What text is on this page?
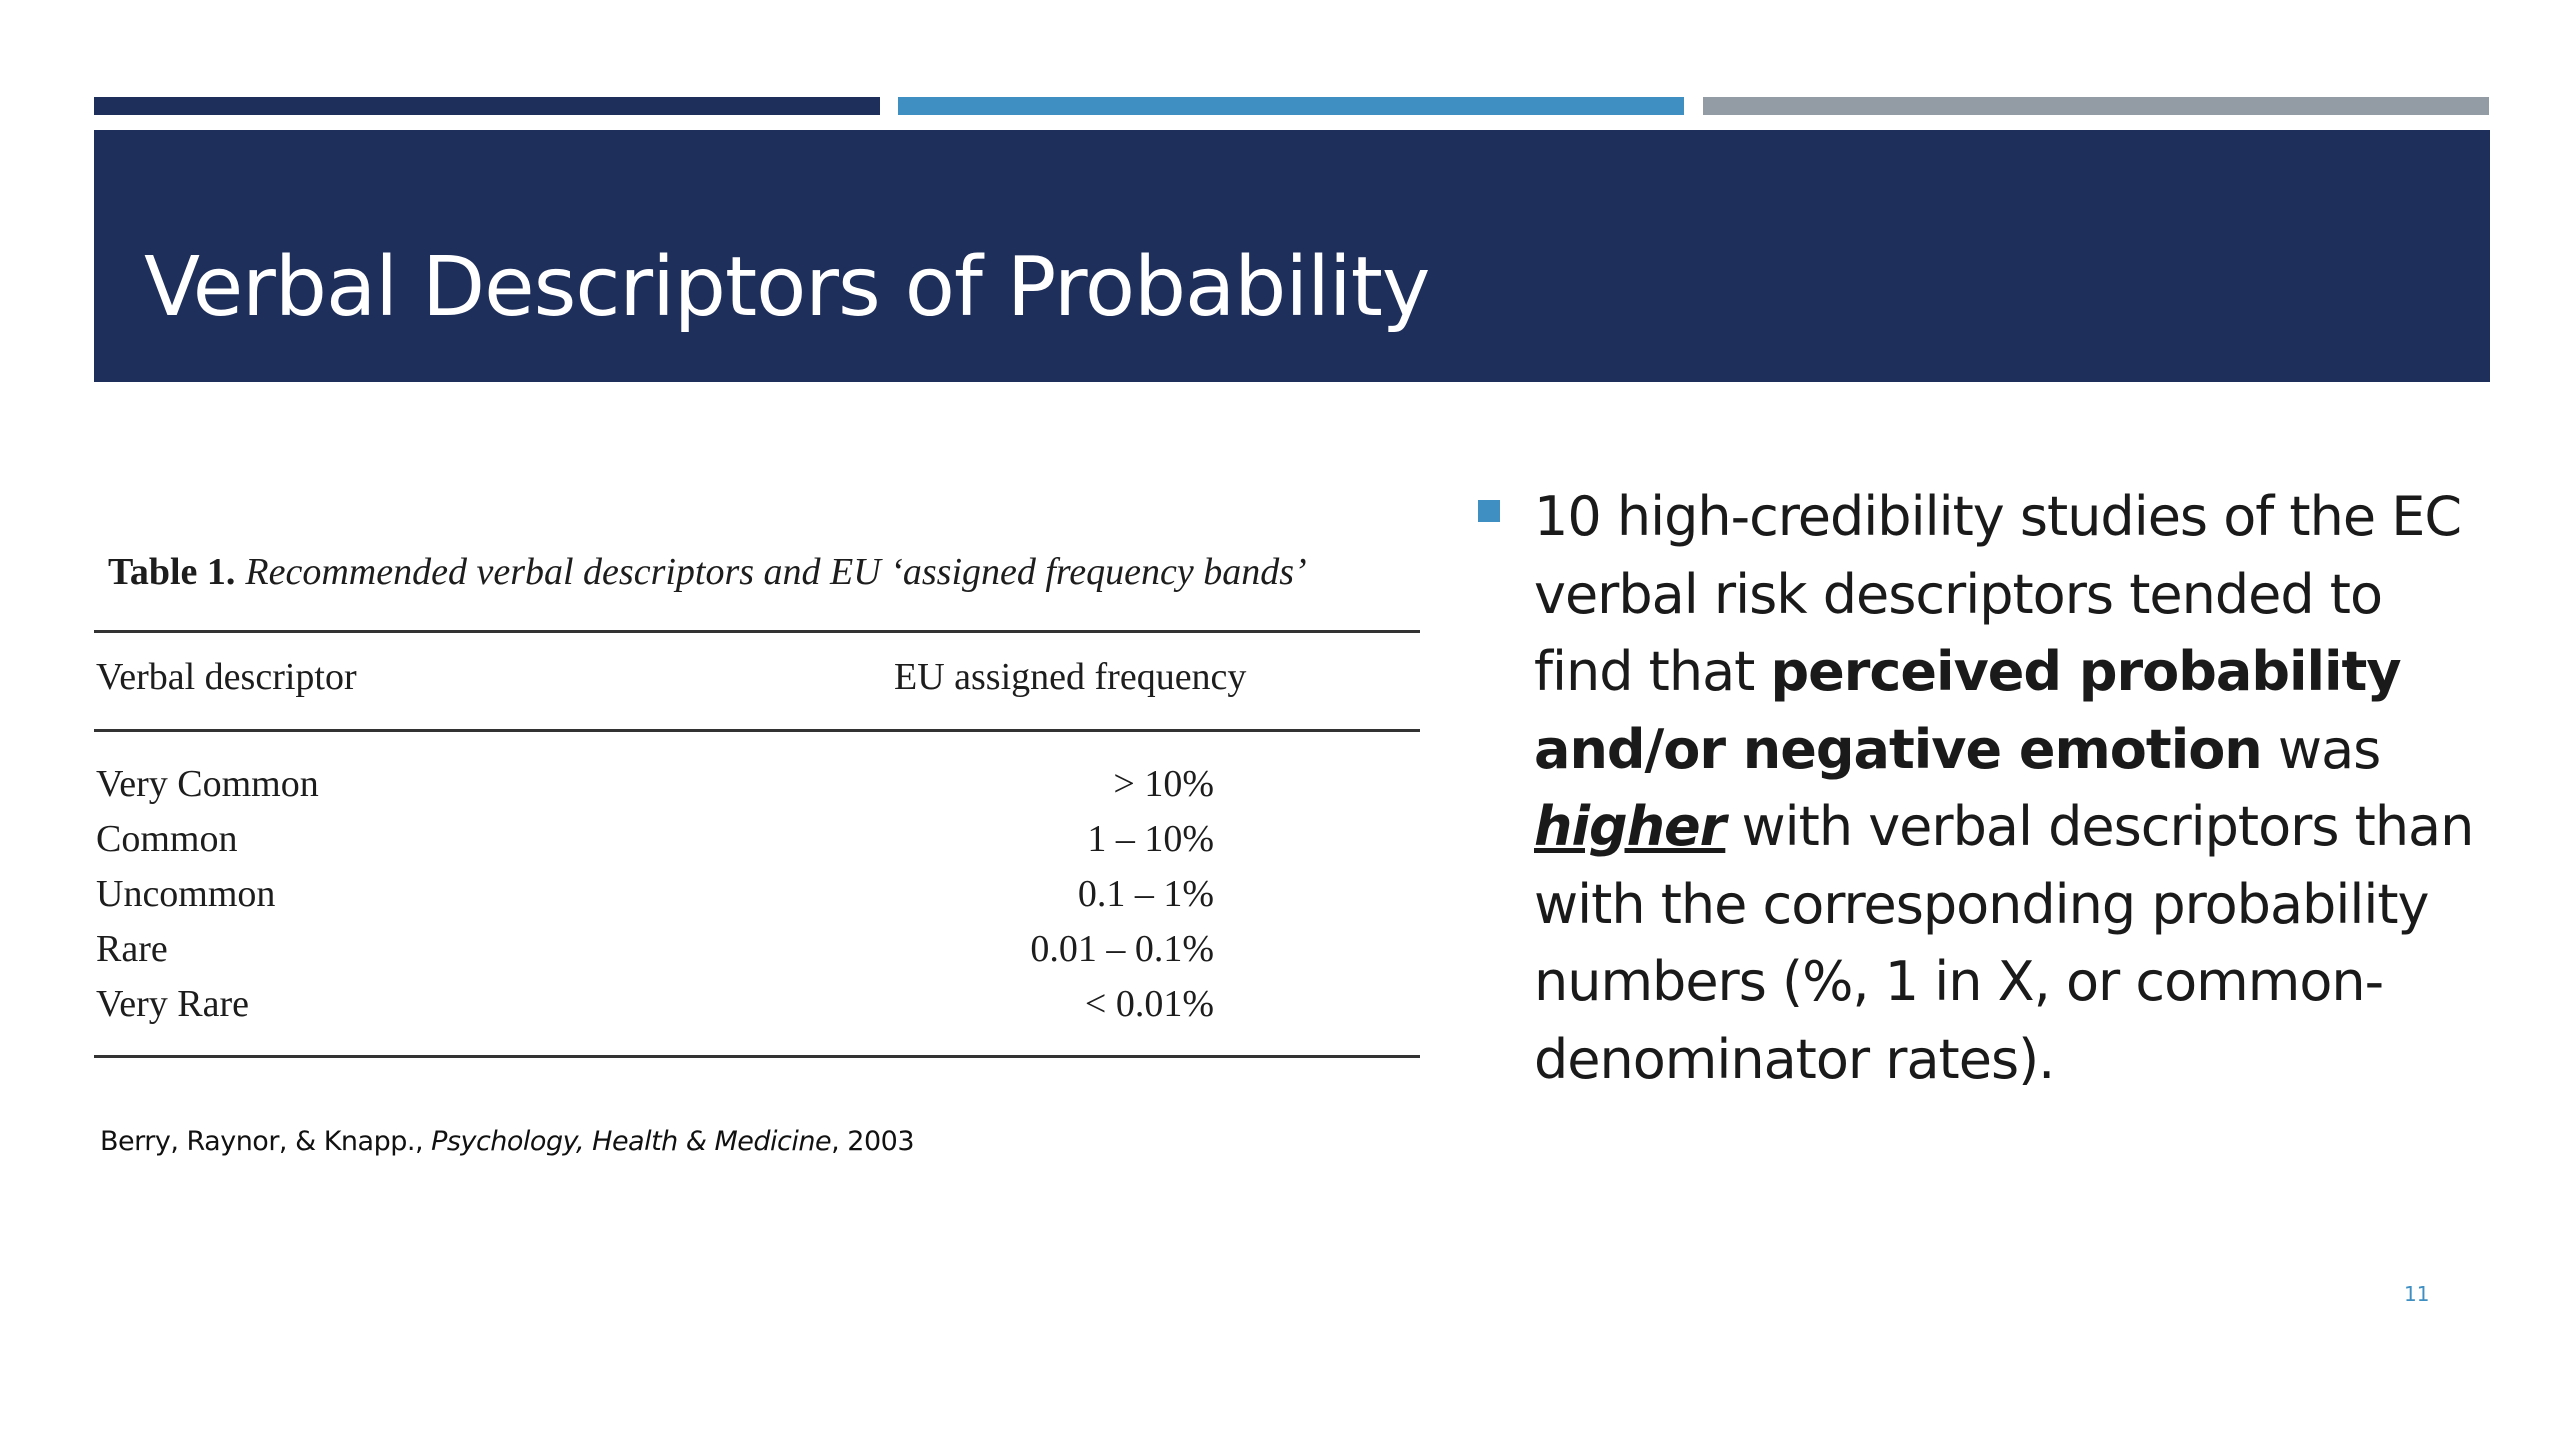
Verbal Descriptors of Probability
Table 1. Recommended verbal descriptors and EU ‘assigned frequency bands’
Verbal descriptor	EU assigned frequency
Very Common	> 10%
Common	1 – 10%
Uncommon	0.1 – 1%
Rare	0.01 – 0.1%
Very Rare	< 0.01%
Berry, Raynor, & Knapp., Psychology, Health & Medicine, 2003

10 high-credibility studies of the EC verbal risk descriptors tended to find that perceived probability and/or negative emotion was higher with verbal descriptors than with the corresponding probability numbers (%, 1 in X, or common-denominator rates).

11
